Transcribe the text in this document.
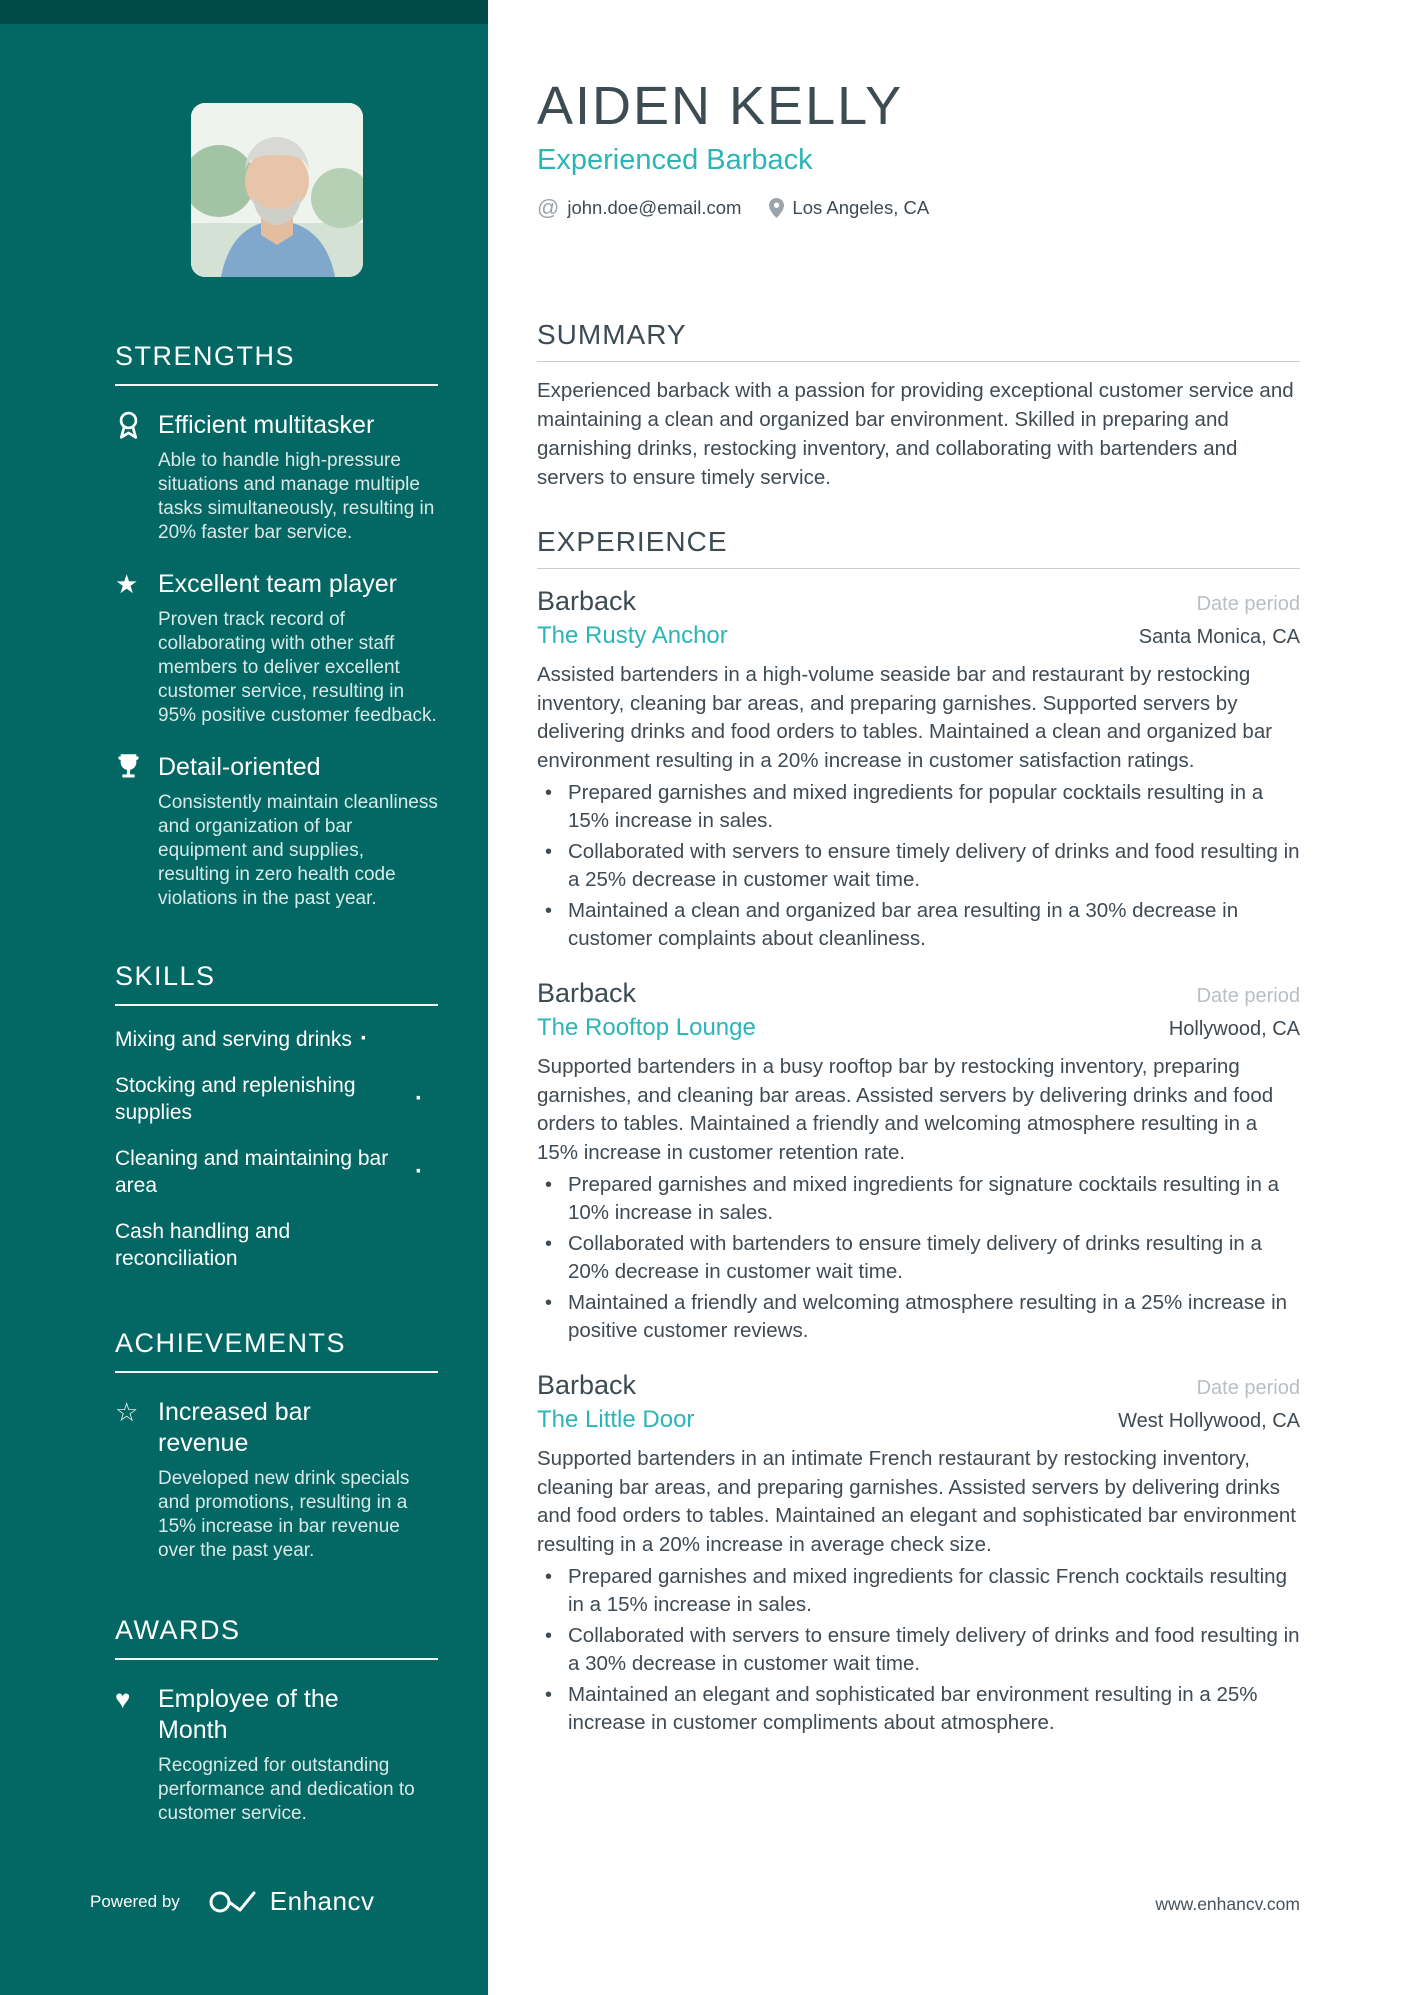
STRENGTHS
Efficient multitasker
Able to handle high-pressure situations and manage multiple tasks simultaneously, resulting in 20% faster bar service.
★ Excellent team player
Proven track record of collaborating with other staff members to deliver excellent customer service, resulting in 95% positive customer feedback.
Detail-oriented
Consistently maintain cleanliness and organization of bar equipment and supplies, resulting in zero health code violations in the past year.
SKILLS
Mixing and serving drinks ·
Stocking and replenishing supplies
·
Cleaning and maintaining bar area
·
Cash handling and reconciliation
ACHIEVEMENTS
☆ Increased bar revenue
Developed new drink specials and promotions, resulting in a 15% increase in bar revenue over the past year.
AWARDS
♥	Employee of the Month
Recognized for outstanding performance and dedication to customer service.
Powered by	Enhancv
AIDEN KELLY
Experienced Barback
@ john.doe@email.com	Los Angeles, CA
SUMMARY

Experienced barback with a passion for providing exceptional customer service and maintaining a clean and organized bar environment. Skilled in preparing and garnishing drinks, restocking inventory, and collaborating with bartenders and servers to ensure timely service.

EXPERIENCE
Barback	Date period
The Rusty Anchor	Santa Monica, CA

Assisted bartenders in a high-volume seaside bar and restaurant by restocking inventory, cleaning bar areas, and preparing garnishes. Supported servers by delivering drinks and food orders to tables. Maintained a clean and organized bar environment resulting in a 20% increase in customer satisfaction ratings.

• Prepared garnishes and mixed ingredients for popular cocktails resulting in a 15% increase in sales.
• Collaborated with servers to ensure timely delivery of drinks and food resulting in a 25% decrease in customer wait time.
• Maintained a clean and organized bar area resulting in a 30% decrease in customer complaints about cleanliness.
Barback	Date period
The Rooftop Lounge	Hollywood, CA

Supported bartenders in a busy rooftop bar by restocking inventory, preparing garnishes, and cleaning bar areas. Assisted servers by delivering drinks and food orders to tables. Maintained a friendly and welcoming atmosphere resulting in a 15% increase in customer retention rate.

• Prepared garnishes and mixed ingredients for signature cocktails resulting in a 10% increase in sales.
• Collaborated with bartenders to ensure timely delivery of drinks resulting in a 20% decrease in customer wait time.
• Maintained a friendly and welcoming atmosphere resulting in a 25% increase in positive customer reviews.
Barback	Date period
The Little Door	West Hollywood, CA

Supported bartenders in an intimate French restaurant by restocking inventory, cleaning bar areas, and preparing garnishes. Assisted servers by delivering drinks and food orders to tables. Maintained an elegant and sophisticated bar environment resulting in a 20% increase in average check size.

• Prepared garnishes and mixed ingredients for classic French cocktails resulting in a 15% increase in sales.
• Collaborated with servers to ensure timely delivery of drinks and food resulting in a 30% decrease in customer wait time.
• Maintained an elegant and sophisticated bar environment resulting in a 25% increase in customer compliments about atmosphere.
www.enhancv.com
